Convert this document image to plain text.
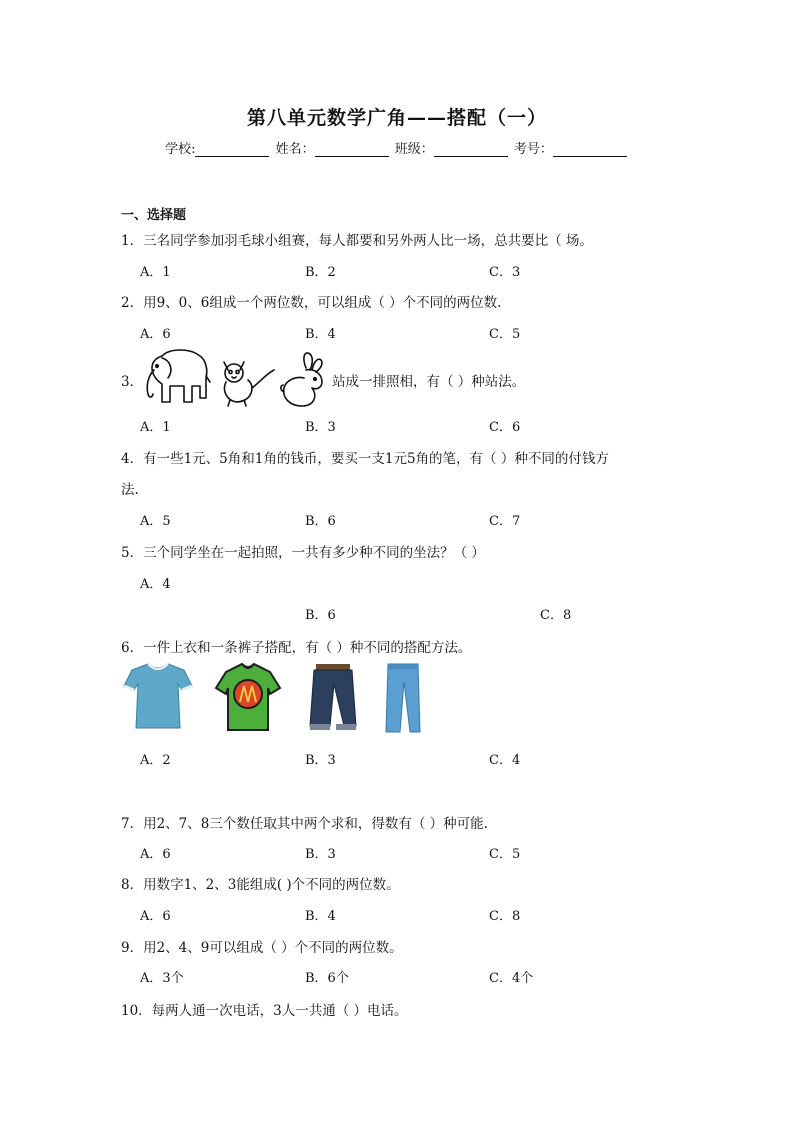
第八单元数学广角——搭配（一）
学校:	姓名：	班级：	考号：
一、选择题
1．三名同学参加羽毛球小组赛，每人都要和另外两人比一场，总共要比（ 场。
A．1	B．2	C．3
2．用9、0、6组成一个两位数，可以组成（ ）个不同的两位数.
A．6	B．4	C．5
3．	站成一排照相，有（ ）种站法。
A．1	B．3	C．6
4．有一些1元、5角和1角的钱币，要买一支1元5角的笔，有（ ）种不同的付钱方
法.
A．5	B．6	C．7
5．三个同学坐在一起拍照，一共有多少种不同的坐法？（ ）
A．4
B．6	C．8
6．一件上衣和一条裤子搭配，有（ ）种不同的搭配方法。
A．2	B．3	C．4
7．用2、7、8三个数任取其中两个求和，得数有（ ）种可能.
A．6	B．3	C．5
8．用数字1、2、3能组成( )个不同的两位数。
A．6	B．4	C．8
9．用2、4、9可以组成（ ）个不同的两位数。
A．3个	B．6个	C．4个
10．每两人通一次电话，3人一共通（ ）电话。
